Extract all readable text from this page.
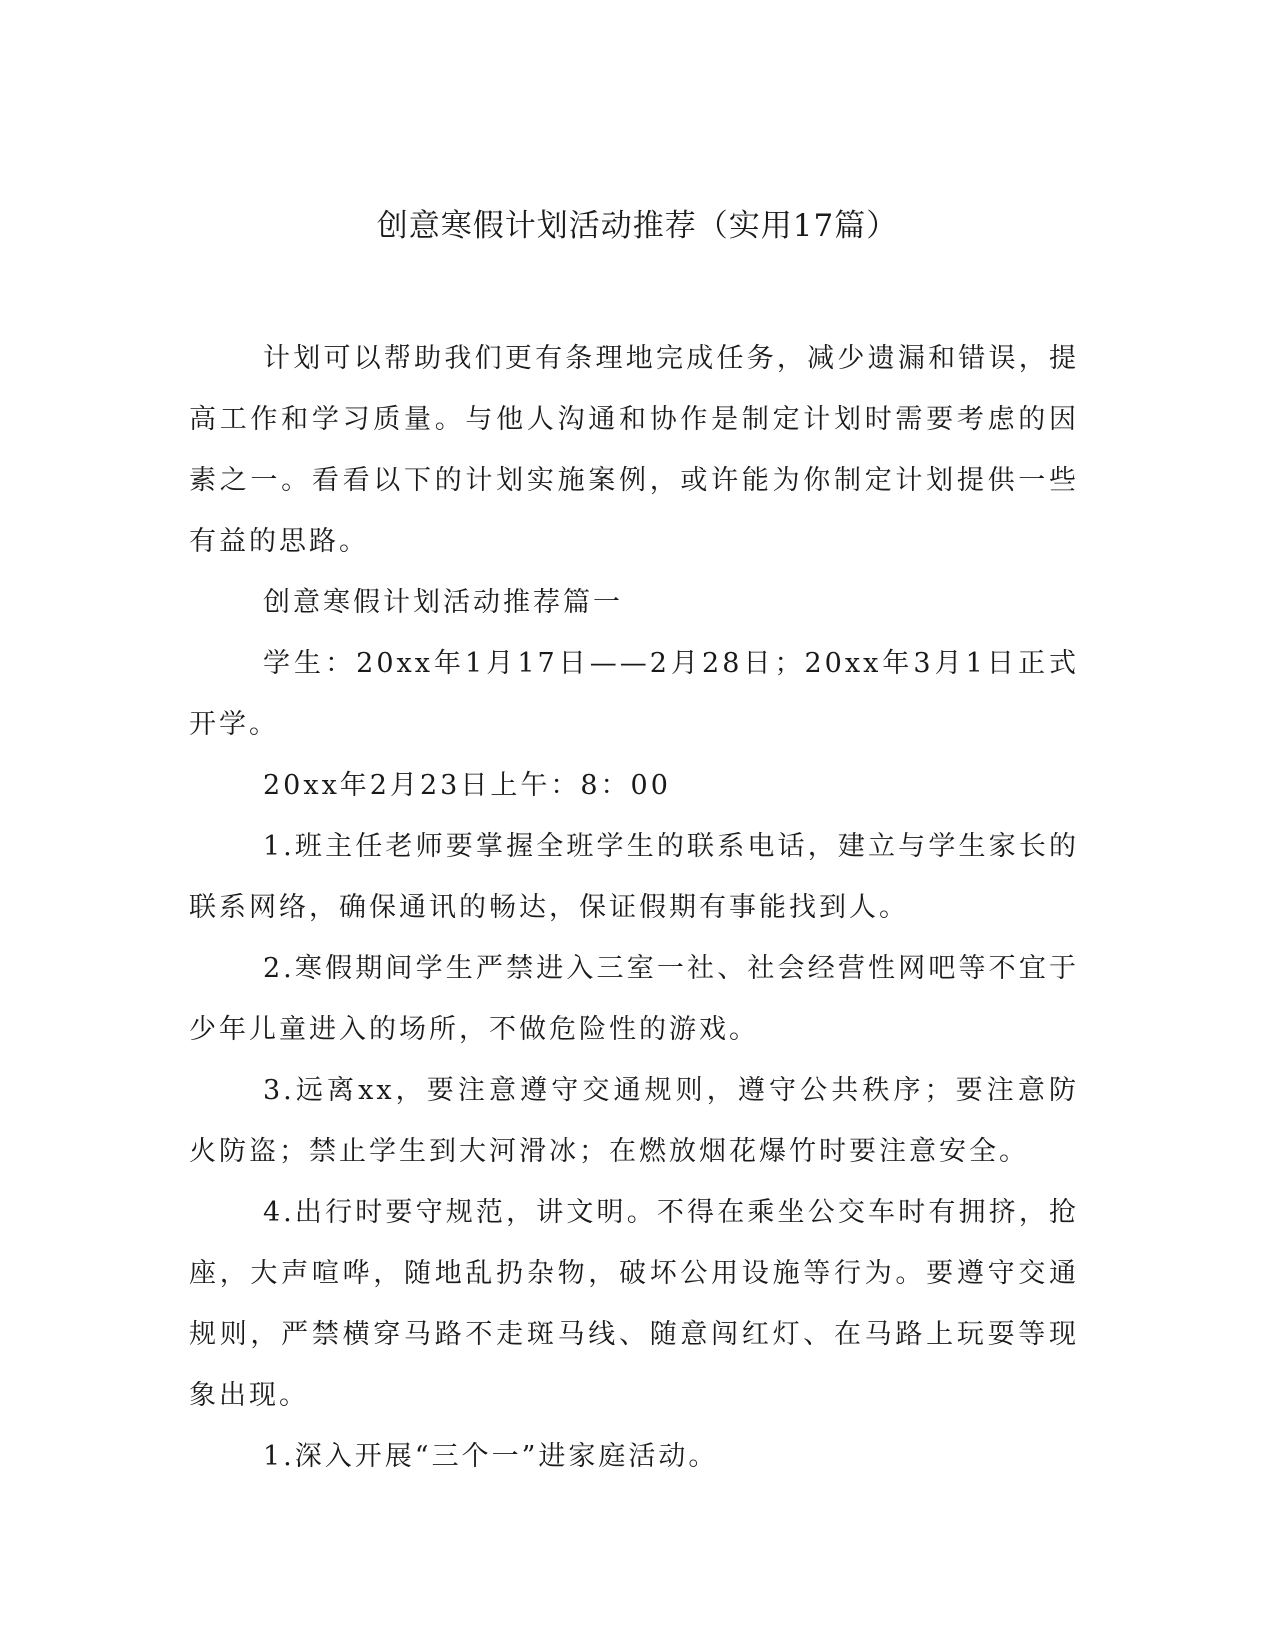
创意寒假计划活动推荐（实用17篇）

计划可以帮助我们更有条理地完成任务，减少遗漏和错误，提高工作和学习质量。与他人沟通和协作是制定计划时需要考虑的因素之一。看看以下的计划实施案例，或许能为你制定计划提供一些有益的思路。

创意寒假计划活动推荐篇一

学生：20xx年1月17日——2月28日；20xx年3月1日正式开学。

20xx年2月23日上午：8：00

1.班主任老师要掌握全班学生的联系电话，建立与学生家长的联系网络，确保通讯的畅达，保证假期有事能找到人。

2.寒假期间学生严禁进入三室一社、社会经营性网吧等不宜于少年儿童进入的场所，不做危险性的游戏。

3.远离xx，要注意遵守交通规则，遵守公共秩序；要注意防火防盗；禁止学生到大河滑冰；在燃放烟花爆竹时要注意安全。

4.出行时要守规范，讲文明。不得在乘坐公交车时有拥挤，抢座，大声喧哗，随地乱扔杂物，破坏公用设施等行为。要遵守交通规则，严禁横穿马路不走斑马线、随意闯红灯、在马路上玩耍等现象出现。

1.深入开展“三个一”进家庭活动。
